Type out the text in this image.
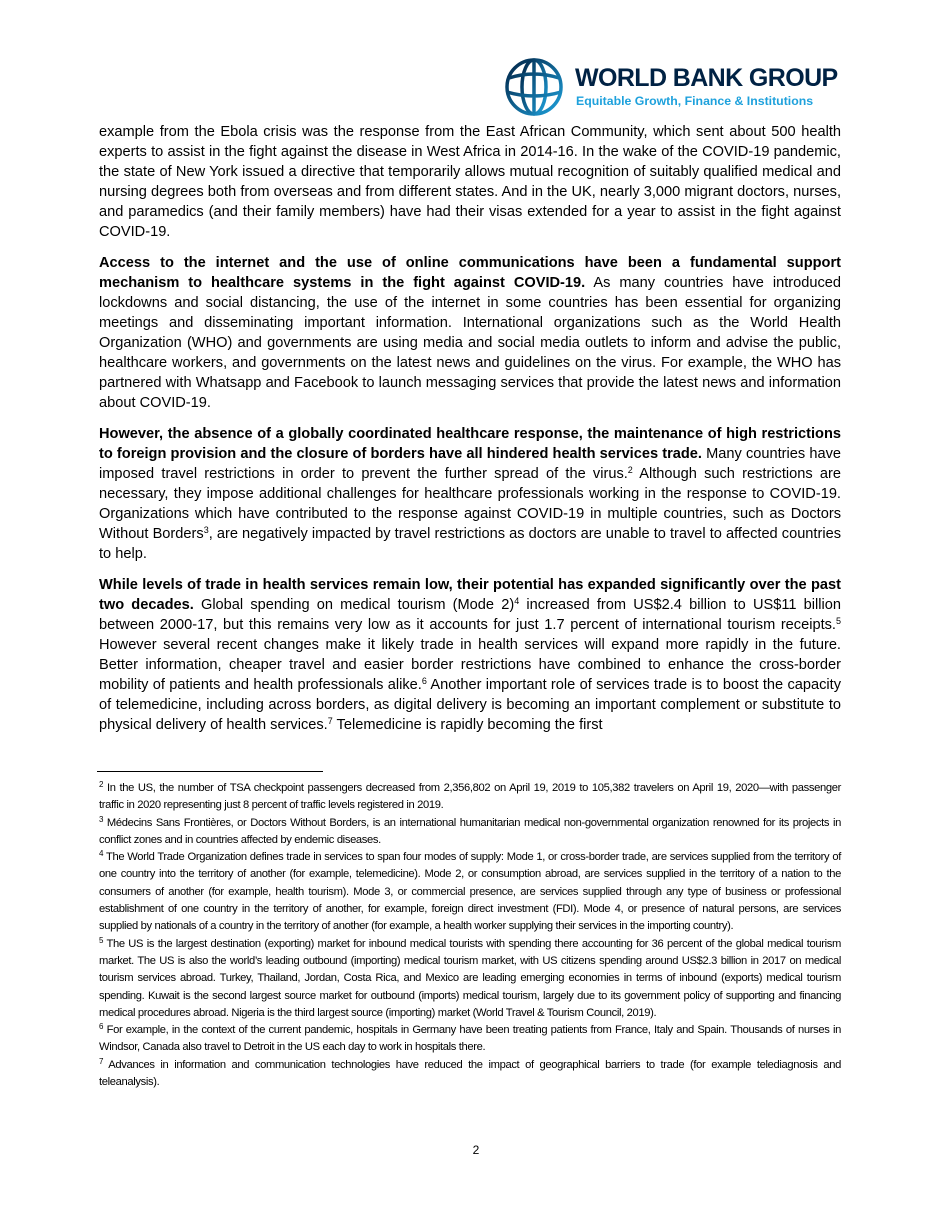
WORLD BANK GROUP
Equitable Growth, Finance & Institutions

example from the Ebola crisis was the response from the East African Community, which sent about 500 health experts to assist in the fight against the disease in West Africa in 2014-16. In the wake of the COVID-19 pandemic, the state of New York issued a directive that temporarily allows mutual recognition of suitably qualified medical and nursing degrees both from overseas and from different states. And in the UK, nearly 3,000 migrant doctors, nurses, and paramedics (and their family members) have had their visas extended for a year to assist in the fight against COVID-19.

Access to the internet and the use of online communications have been a fundamental support mechanism to healthcare systems in the fight against COVID-19. As many countries have introduced lockdowns and social distancing, the use of the internet in some countries has been essential for organizing meetings and disseminating important information. International organizations such as the World Health Organization (WHO) and governments are using media and social media outlets to inform and advise the public, healthcare workers, and governments on the latest news and guidelines on the virus. For example, the WHO has partnered with Whatsapp and Facebook to launch messaging services that provide the latest news and information about COVID-19.

However, the absence of a globally coordinated healthcare response, the maintenance of high restrictions to foreign provision and the closure of borders have all hindered health services trade. Many countries have imposed travel restrictions in order to prevent the further spread of the virus.$^2$ Although such restrictions are necessary, they impose additional challenges for healthcare professionals working in the response to COVID-19. Organizations which have contributed to the response against COVID-19 in multiple countries, such as Doctors Without Borders$^3$, are negatively impacted by travel restrictions as doctors are unable to travel to affected countries to help.

While levels of trade in health services remain low, their potential has expanded significantly over the past two decades. Global spending on medical tourism (Mode 2)$^4$ increased from US$2.4 billion to US$11 billion between 2000-17, but this remains very low as it accounts for just 1.7 percent of international tourism receipts.$^5$ However several recent changes make it likely trade in health services will expand more rapidly in the future. Better information, cheaper travel and easier border restrictions have combined to enhance the cross-border mobility of patients and health professionals alike.$^6$ Another important role of services trade is to boost the capacity of telemedicine, including across borders, as digital delivery is becoming an important complement or substitute to physical delivery of health services.$^7$ Telemedicine is rapidly becoming the first

$^2$ In the US, the number of TSA checkpoint passengers decreased from 2,356,802 on April 19, 2019 to 105,382 travelers on April 19, 2020—with passenger traffic in 2020 representing just 8 percent of traffic levels registered in 2019.

$^3$ Médecins Sans Frontières, or Doctors Without Borders, is an international humanitarian medical non-governmental organization renowned for its projects in conflict zones and in countries affected by endemic diseases.

$^4$ The World Trade Organization defines trade in services to span four modes of supply: Mode 1, or cross-border trade, are services supplied from the territory of one country into the territory of another (for example, telemedicine). Mode 2, or consumption abroad, are services supplied in the territory of a nation to the consumers of another (for example, health tourism). Mode 3, or commercial presence, are services supplied through any type of business or professional establishment of one country in the territory of another, for example, foreign direct investment (FDI). Mode 4, or presence of natural persons, are services supplied by nationals of a country in the territory of another (for example, a health worker supplying their services in the importing country).

$^5$ The US is the largest destination (exporting) market for inbound medical tourists with spending there accounting for 36 percent of the global medical tourism market. The US is also the world’s leading outbound (importing) medical tourism market, with US citizens spending around US$2.3 billion in 2017 on medical tourism services abroad. Turkey, Thailand, Jordan, Costa Rica, and Mexico are leading emerging economies in terms of inbound (exports) medical tourism spending. Kuwait is the second largest source market for outbound (imports) medical tourism, largely due to its government policy of supporting and financing medical procedures abroad. Nigeria is the third largest source (importing) market (World Travel & Tourism Council, 2019).

$^6$ For example, in the context of the current pandemic, hospitals in Germany have been treating patients from France, Italy and Spain. Thousands of nurses in Windsor, Canada also travel to Detroit in the US each day to work in hospitals there.

$^7$ Advances in information and communication technologies have reduced the impact of geographical barriers to trade (for example telediagnosis and teleanalysis).

2
